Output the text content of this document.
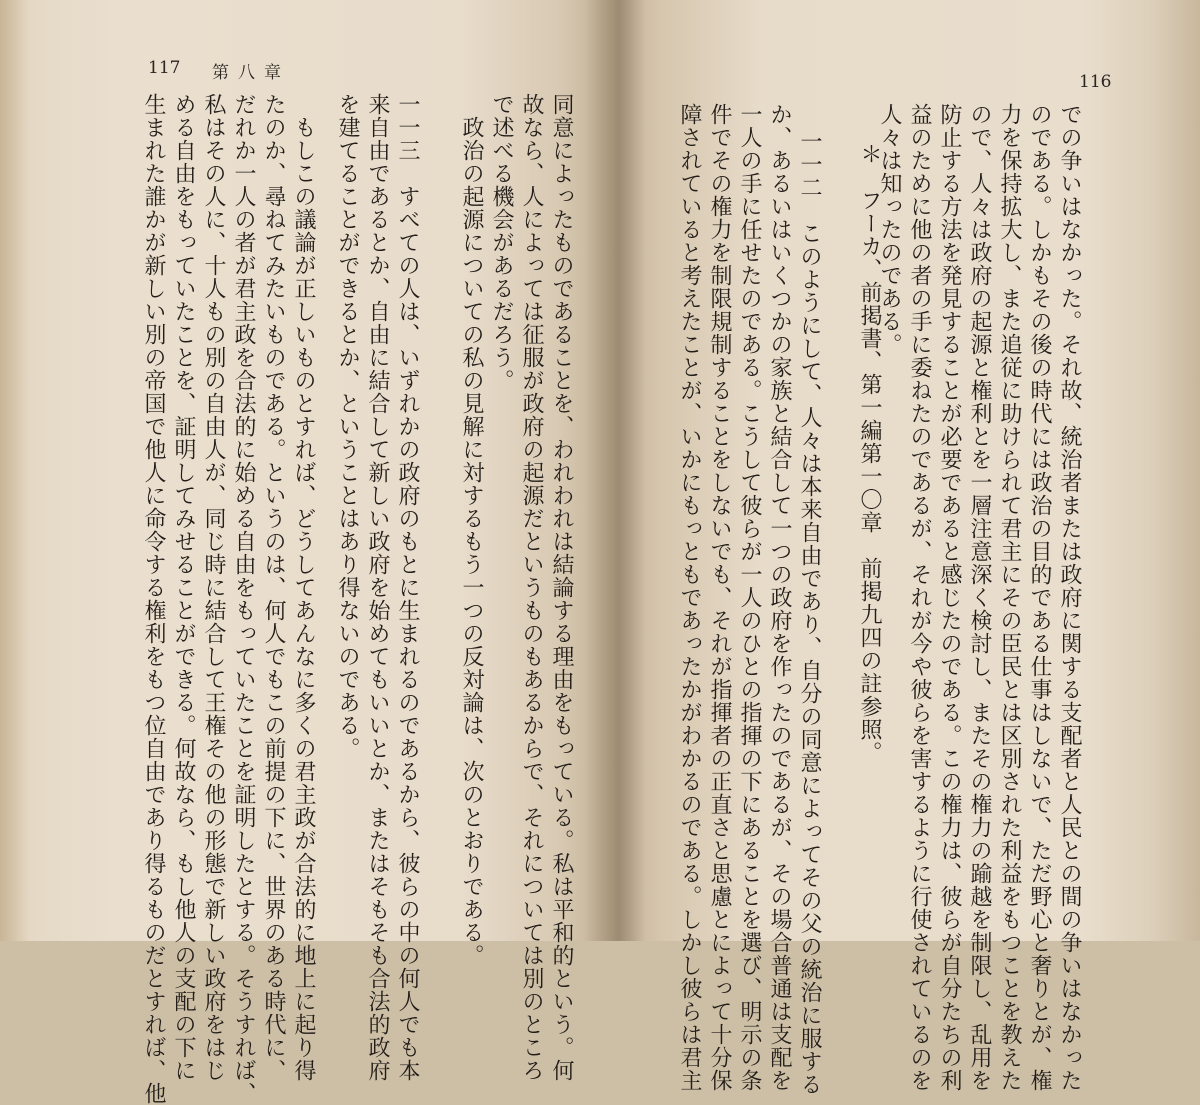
117 第八章
生まれた誰かが新しい別の帝国で他人に命令する権利をもつ位自由であり得るものだとすれば、他 める自由をもっていたことを、証明してみせることができる。何故なら、もし他人の支配の下に 私はその人に、十人もの別の自由人が、同じ時に結合して王権その他の形態で新しい政府をはじ だれか一人の者が君主政を合法的に始める自由をもっていたことを証明したとする。そうすれば、 たのか、尋ねてみたいものである。というのは、何人でもこの前提の下に、世界のある時代に、 　もしこの議論が正しいものとすれば、どうしてあんなに多くの君主政が合法的に地上に起り得 を建てることができるとか、ということはあり得ないのである。 来自由であるとか、自由に結合して新しい政府を始めてもいいとか、またはそもそも合法的政府 一一三　すべての人は、いずれかの政府のもとに生まれるのであるから、彼らの中の何人でも本 　政治の起源についての私の見解に対するもう一つの反対論は、次のとおりである。 で述べる機会があるだろう。 故なら、人によっては征服が政府の起源だというものもあるからで、それについては別のところ 同意によったものであることを、われわれは結論する理由をもっている。私は平和的という。何
116
人々は知ったのである。 益のために他の者の手に委ねたのであるが、それが今や彼らを害するように行使されているのを 防止する方法を発見することが必要であると感じたのである。この権力は、彼らが自分たちの利 ので、人々は政府の起源と権利とを一層注意深く検討し、またその権力の踰越を制限し、乱用を 力を保持拡大し、また追従に助けられて君主にその臣民とは区別された利益をもつことを教えた のである。しかもその後の時代には政治の目的である仕事はしないで、ただ野心と奢りとが、権 での争いはなかった。それ故、統治者または政府に関する支配者と人民との間の争いはなかった
　＊　フーカ、前掲書、第一編第一〇章　前掲九四の註参照。
一一二　このようにして、人々は本来自由であり、自分の同意によってその父の統治に服する
か、あるいはいくつかの家族と結合して一つの政府を作ったのであるが、その場合普通は支配を
一人の手に任せたのである。こうして彼らが一人のひとの指揮の下にあることを選び、明示の条
件でその権力を制限規制することをしないでも、それが指揮者の正直さと思慮とによって十分保
障されていると考えたことが、いかにもっともであったかがわかるのである。しかし彼らは君主
